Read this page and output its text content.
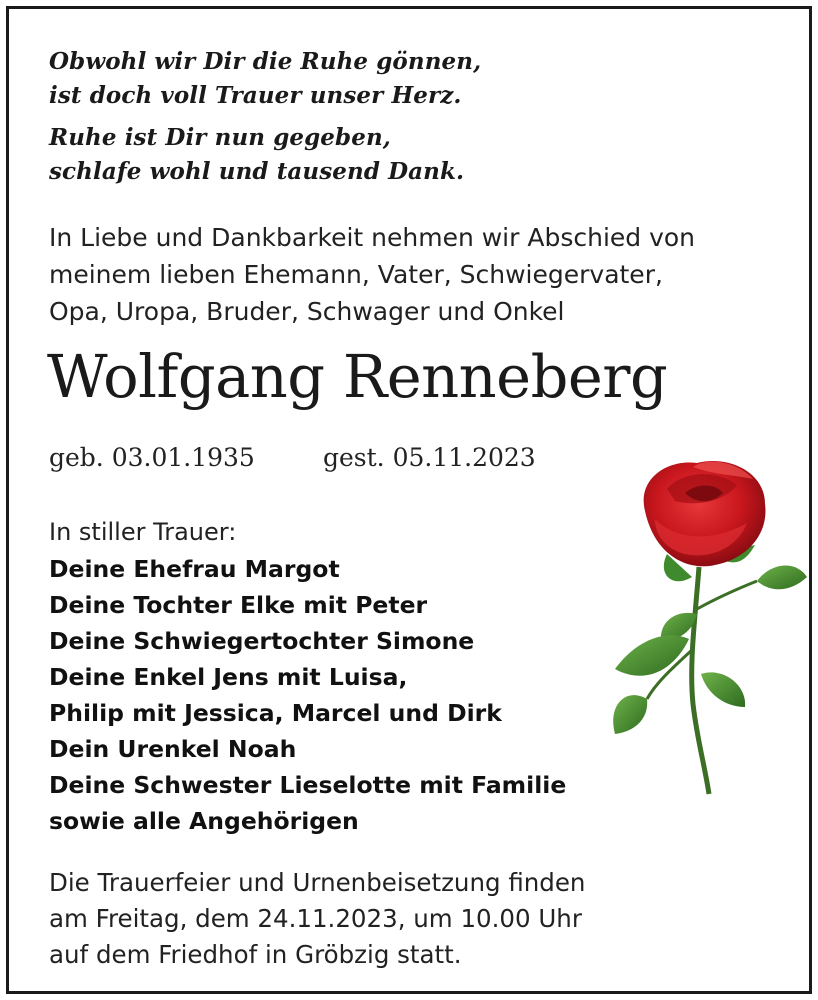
Obwohl wir Dir die Ruhe gönnen,
ist doch voll Trauer unser Herz.
Ruhe ist Dir nun gegeben,
schlafe wohl und tausend Dank.
In Liebe und Dankbarkeit nehmen wir Abschied von
meinem lieben Ehemann, Vater, Schwiegervater,
Opa, Uropa, Bruder, Schwager und Onkel
Wolfgang Renneberg
geb. 03.01.1935	gest. 05.11.2023
In stiller Trauer:
Deine Ehefrau Margot
Deine Tochter Elke mit Peter
Deine Schwiegertochter Simone
Deine Enkel Jens mit Luisa,
Philip mit Jessica, Marcel und Dirk
Dein Urenkel Noah
Deine Schwester Lieselotte mit Familie
sowie alle Angehörigen
Die Trauerfeier und Urnenbeisetzung finden
am Freitag, dem 24.11.2023, um 10.00 Uhr
auf dem Friedhof in Gröbzig statt.
